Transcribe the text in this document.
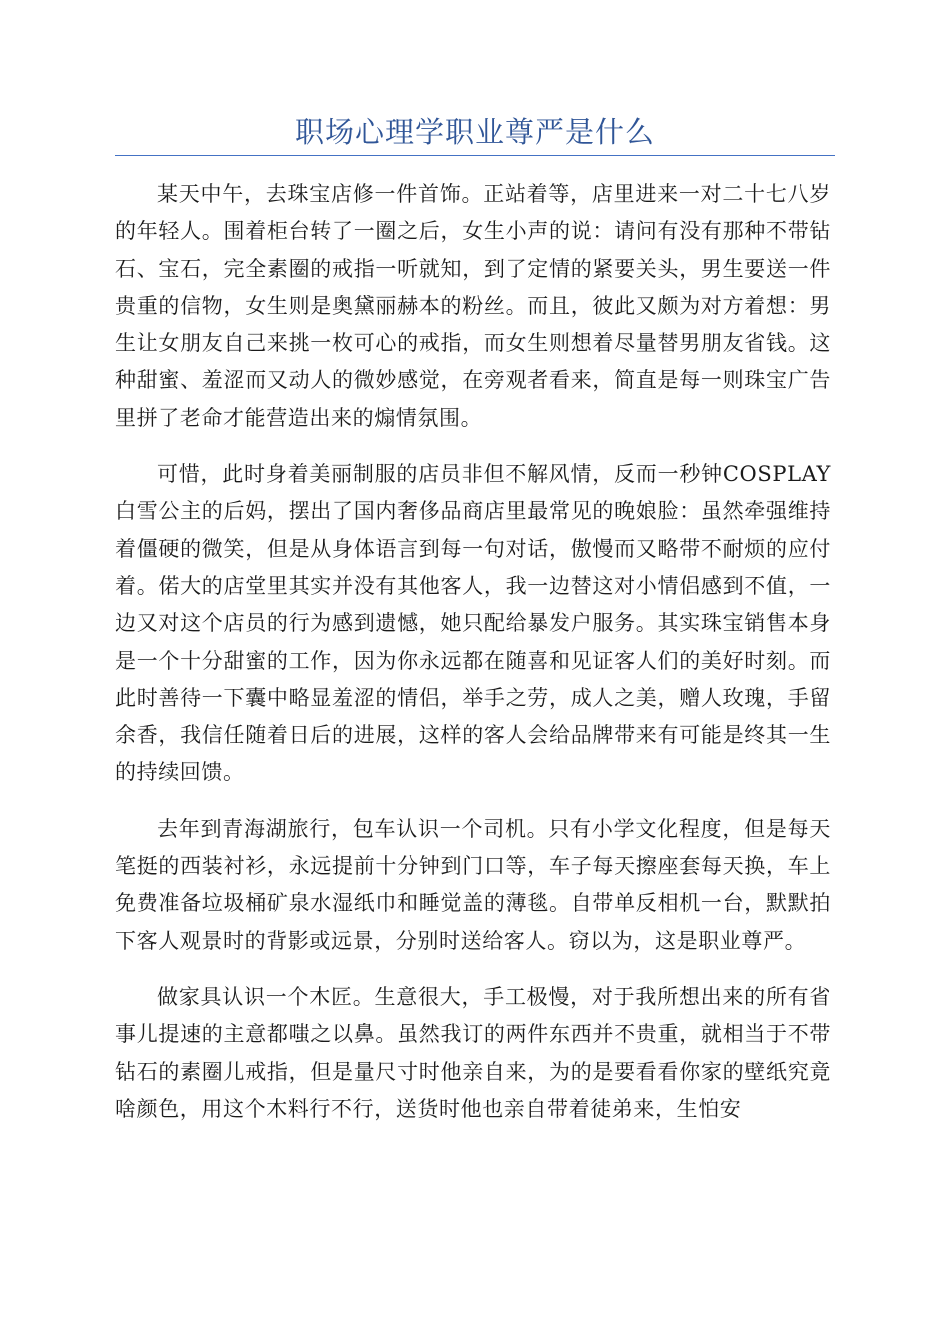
职场心理学职业尊严是什么

某天中午，去珠宝店修一件首饰。正站着等，店里进来一对二十七八岁的年轻人。围着柜台转了一圈之后，女生小声的说：请问有没有那种不带钻石、宝石，完全素圈的戒指一听就知，到了定情的紧要关头，男生要送一件贵重的信物，女生则是奥黛丽赫本的粉丝。而且，彼此又颇为对方着想：男生让女朋友自己来挑一枚可心的戒指，而女生则想着尽量替男朋友省钱。这种甜蜜、羞涩而又动人的微妙感觉，在旁观者看来，简直是每一则珠宝广告里拼了老命才能营造出来的煽情氛围。

可惜，此时身着美丽制服的店员非但不解风情，反而一秒钟COSPLAY白雪公主的后妈，摆出了国内奢侈品商店里最常见的晚娘脸：虽然牵强维持着僵硬的微笑，但是从身体语言到每一句对话，傲慢而又略带不耐烦的应付着。偌大的店堂里其实并没有其他客人，我一边替这对小情侣感到不值，一边又对这个店员的行为感到遗憾，她只配给暴发户服务。其实珠宝销售本身是一个十分甜蜜的工作，因为你永远都在随喜和见证客人们的美好时刻。而此时善待一下囊中略显羞涩的情侣，举手之劳，成人之美，赠人玫瑰，手留余香，我信任随着日后的进展，这样的客人会给品牌带来有可能是终其一生的持续回馈。

去年到青海湖旅行，包车认识一个司机。只有小学文化程度，但是每天笔挺的西装衬衫，永远提前十分钟到门口等，车子每天擦座套每天换，车上免费准备垃圾桶矿泉水湿纸巾和睡觉盖的薄毯。自带单反相机一台，默默拍下客人观景时的背影或远景，分别时送给客人。窃以为，这是职业尊严。

做家具认识一个木匠。生意很大，手工极慢，对于我所想出来的所有省事儿提速的主意都嗤之以鼻。虽然我订的两件东西并不贵重，就相当于不带钻石的素圈儿戒指，但是量尺寸时他亲自来，为的是要看看你家的壁纸究竟啥颜色，用这个木料行不行，送货时他也亲自带着徒弟来，生怕安
